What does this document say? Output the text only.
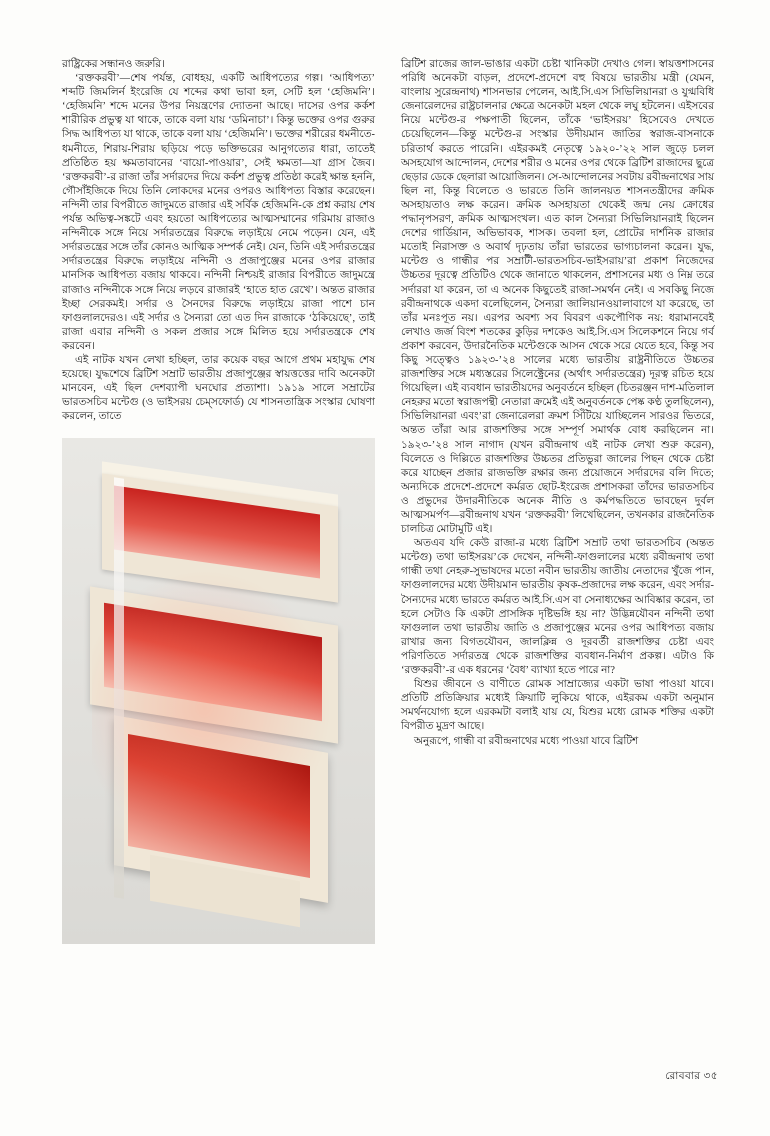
রাষ্ট্রিকের সন্ধানও জরুরি।

‘রক্তকরবী’—শেষ পর্যন্ত, বোধহয়, একটি আধিপত্যের গল্প। ‘আধিপত্য’ শব্দটি জিমলির্ন ইংরেজি যে শব্দের কথা ভাবা হল, সেটি হল ‘হেজিমনি’। ‘হেজিমনি’ শব্দে মনের উপর নিয়ন্ত্রণের দ্যোতনা আছে। দাসের ওপর কর্কশ শারীরিক প্রভুত্ব যা থাকে, তাকে বলা যায় ‘ডমিনাচা’। কিন্তু ভক্তের ওপর গুরুর সিদ্ধ আধিপত্য যা থাকে, তাকে বলা যায় ‘হেজিমনি’। ভক্তের শরীরের ধমনীতে-ধমনীতে, শিরায়-শিরায় ছড়িয়ে পড়ে ভক্তিভরের আনুগত্যের ধারা, তাতেই প্রতিষ্ঠিত হয় ক্ষমতাবানের ‘বায়ো-পাওয়ার’, সেই ক্ষমতা—যা গ্রাস জৈব। ‘রক্তকরবী’-র রাজা তাঁর সর্দারদের দিয়ে কর্কশ প্রভুত্ব প্রতিষ্ঠা করেই ক্ষান্ত হননি, গৌসাঁইজিকে দিয়ে তিনি লোকদের মনের ওপরও আধিপত্য বিস্তার করেছেন। নন্দিনী তার বিপরীতে জাদুমতে রাজার এই সর্বিক হেজিমনি-কে প্রশ্ন করায় শেষ পর্যন্ত অভিত্ব-সঙ্কটে এবং হয়তো আধিপত্যের আত্মসম্মানের গরিমায় রাজাও নন্দিনীকে সঙ্গে নিয়ে সর্দারতন্ত্রের বিরুদ্ধে লড়াইয়ে নেমে পড়েন। যেন, এই সর্দারতন্ত্রের সঙ্গে তাঁর কোনও আত্মিক সম্পর্ক নেই। যেন, তিনি এই সর্দারতন্ত্রের সর্দারতন্ত্রের বিরুদ্ধে লড়াইয়ে নন্দিনী ও প্রজাপুঞ্জের মনের ওপর রাজার মানসিক আধিপত্য বজায় থাকবে। নন্দিনী নিশ্চয়ই রাজার বিপরীতে জাদুমন্ত্রে রাজাও নন্দিনীকে সঙ্গে নিয়ে লড়বে রাজারই ‘হাতে হাত রেখে’। অন্তত রাজার ইচ্ছা সেরকমই। সর্দার ও সৈনদের বিরুদ্ধে লড়াইয়ে রাজা পাশে চান ফাগুলালদেরও। এই সর্দার ও সৈন্যরা তো এত দিন রাজাকে ‘ঠকিয়েছে’, তাই রাজা এবার নন্দিনী ও সকল প্রজার সঙ্গে মিলিত হয়ে সর্দারতন্ত্রকে শেষ করবেন।

এই নাটক যখন লেখা হচ্ছিল, তার কয়েক বছর আগে প্রথম মহাযুদ্ধ শেষ হয়েছে। যুদ্ধশেষে ব্রিটিশ সম্রাট ভারতীয় প্রজাপুঞ্জের স্বায়ত্তত্তের দাবি অনেকটা মানবেন, এই ছিল দেশব্যাপী ঘনঘোর প্রত্যাশা। ১৯১৯ সালে সম্রাটের ভারতসচিব মন্টেগু (ও ভাইসরয় চেম্সফোর্ড) যে শাসনতান্ত্রিক সংস্কার ঘোষণা করলেন, তাতে

ব্রিটিশ রাজের জাল-ভাঙার একটা চেষ্টা খানিকটা দেখাও গেল। স্বায়ত্তশাসনের পরিধি অনেকটা বাড়ল, প্রদেশে-প্রদেশে বহু বিষয়ে ভারতীয় মন্ত্রী (যেমন, বাংলায় সুরেন্দ্রনাথ) শাসনভার পেলেন, আই.সি.এস সিভিলিয়ানরা ও যুগ্মবিধি জেনারেলদের রাষ্ট্রচালনার ক্ষেত্রে অনেকটা মহল থেকে লঘু হটলেন। এইসবের নিয়ে মন্টেগু-র পক্ষপাতী ছিলেন, তাঁকে ‘ভাইসরয়’ হিসেবেও দেখতে চেয়েছিলেন—কিন্তু মন্টেগু-র সংস্কার উদীয়মান জাতির স্বরাজ-বাসনাকে চরিতার্থ করতে পারেনি। এইরকমই নেতৃত্বে ১৯২০-’২২ সাল জুড়ে চলল অসহযোগ আন্দোলন, দেশের শরীর ও মনের ওপর থেকে ব্রিটিশ রাজাদের ছুত্রে ছেড়ার ডেকে ছেলারা আয়োজিলন। সে-আন্দোলনের সবটায় রবীন্দ্রনাথের সায় ছিল না, কিন্তু বিলেতে ও ভারতে তিনি জালনয়ত শাসনতন্ত্রীদের ক্রমিক অসহায়তাও লক্ষ করেন। ক্রমিক অসহায়তা থেকেই জন্ম নেয় ক্রোধের পদ্ধানৃপসরণ, ক্রমিক আত্মসংখল। এত কাল সৈন্যরা সিভিলিয়ানরাই ছিলেন দেশের গার্ডিয়ান, অভিভাবক, শাসক। তবলা হল, প্রোটের দার্শনিক রাজার মতোই নিরাসক্ত ও অবার্থ দৃঢ়তায় তাঁরা ভারতের ভাগ্যচালনা করেন। যুদ্ধ, মন্টেগু ও গান্ধীর পর সম্রাটী-ভারতসচিব-ভাইসরায়’রা প্রকাশ নিজেদের উচ্চতর দূরত্বে প্রতিটিও থেকে জানাতে থাকলেন, প্রশাসনের মধ্য ও নিম্ন তরে সর্দাররা যা করেন, তা এ অনেক কিছুতেই রাজা-সমর্থন নেই। এ সবকিছু নিজে রবীন্দ্রনাথকে একদা বলেছিলেন, সৈন্যরা জালিয়ানওয়ালাবাগে যা করেছে, তা তাঁর মনঃপূত নয়। এরপর অবশ্য সব বিবরণ একপৌণিক নয়: ধরামানবেই লেখাও জর্জ বিংশ শতকের কুড়ির দশকেও আই.সি.এস সিলেকশনে নিয়ে গর্ব প্রকাশ করবেন, উদারনৈতিক মন্টেগুকে আসন থেকে সরে যেতে হবে, কিন্তু সব কিছু সত্ত্বেও ১৯২৩-’২৪ সালের মধ্যে ভারতীয় রাষ্ট্রনীতিতে উচ্চতর রাজশক্তির সঙ্গে মধ্যস্তরের সিলেক্ট্রেনের (অর্থাৎ সর্দারতন্ত্রের) দূরত্ব রচিত হয়ে গিয়েছিল। এই ব্যবধান ভারতীয়দের অনুবর্তনে হচ্ছিল (চিতরঞ্জন দাশ-মতিলাল নেহরুর মতো স্বরাজপন্থী নেতারা ক্রমেই এই অনুবর্তনকে পেষ্ক কণ্ঠ তুলছিলেন), সিভিলিয়ানরা এবং’রা জেনারেলরা ক্রমশ সিঁটিয়ে যাচ্ছিলেন সারওর ভিতরে, অন্তত তাঁরা আর রাজশক্তির সঙ্গে সম্পূর্ণ সমার্থক বোধ করছিলেন না। ১৯২৩-’২৪ সাল নাগাদ (যখন রবীন্দ্রনাথ এই নাটক লেখা শুরু করেন), বিলেতে ও দিল্লিতে রাজশক্তির উচ্চতর প্রতিভুরা জালের পিছন থেকে চেষ্টা করে যাচ্ছেন প্রজার রাজভক্তি রক্ষার জন্য প্রয়োজনে সর্দারদের বলি দিতে; অন্যদিকে প্রদেশে-প্রদেশে কর্মরত ছোট-ইংরেজ প্রশাসকরা তাঁদের ভারতসচিব ও প্রভুদের উদারনীতিকে অনেক নীতি ও কর্মপদ্ধতিতে ভাবছেন দুর্বল আত্মসমর্পণ—রবীন্দ্রনাথ যখন ‘রক্তকরবী’ লিখেছিলেন, তখনকার রাজনৈতিক চালচিত্র মোটামুটি এই।

অতএব যদি কেউ রাজা-র মধ্যে ব্রিটিশ সম্রাট তথা ভারতসচিব (অন্তত মন্টেগু) তথা ভাইসরয়’কে দেখেন, নন্দিনী-ফাগুলালের মধ্যে রবীন্দ্রনাথ তথা গান্ধী তথা নেহরু-সুভাষদের মতো নবীন ভারতীয় জাতীয় নেতাদের খুঁজে পান, ফাগুলালদের মধ্যে উদীয়মান ভারতীয় কৃষক-প্রজাদের লক্ষ করেন, এবং সর্দার-সৈন্যদের মধ্যে ভারতে কর্মরত আই.সি.এস বা সেনাধ্যক্ষের আবিষ্কার করেন, তা হলে সেটাও কি একটা প্রাসঙ্গিক দৃষ্টিভঙ্গি হয় না? উদ্ভিন্নযৌবন নন্দিনী তথা ফাগুলাল তথা ভারতীয় জাতি ও প্রজাপুঞ্জের মনের ওপর আধিপত্য বজায় রাখার জন্য বিগতযৌবন, জালক্লিন্ন ও দূরবর্তী রাজশক্তির চেষ্টা এবং পরিণতিতে সর্দারতন্ত্র থেকে রাজশক্তির ব্যবধান-নির্মাণ প্রকল্প। এটাও কি ‘রক্তকরবী’-র এক ধরনের ‘বৈধ’ ব্যাখ্যা হতে পারে না?

যিশুর জীবনে ও বাণীতে রোমক সাম্রাজ্যের একটা ভাষা পাওয়া যাবে। প্রতিটি প্রতিক্রিয়ার মধ্যেই ক্রিয়াটি লুকিয়ে থাকে, এইরকম একটা অনুমান সমর্থনযোগ্য হলে এরকমটা বলাই যায় যে, যিশুর মধ্যে রোমক শক্তির একটা বিপরীত মুদ্রণ আছে।

অনুরূপে, গান্ধী বা রবীন্দ্রনাথের মধ্যে পাওয়া যাবে ব্রিটিশ

রোববার ৩৫
